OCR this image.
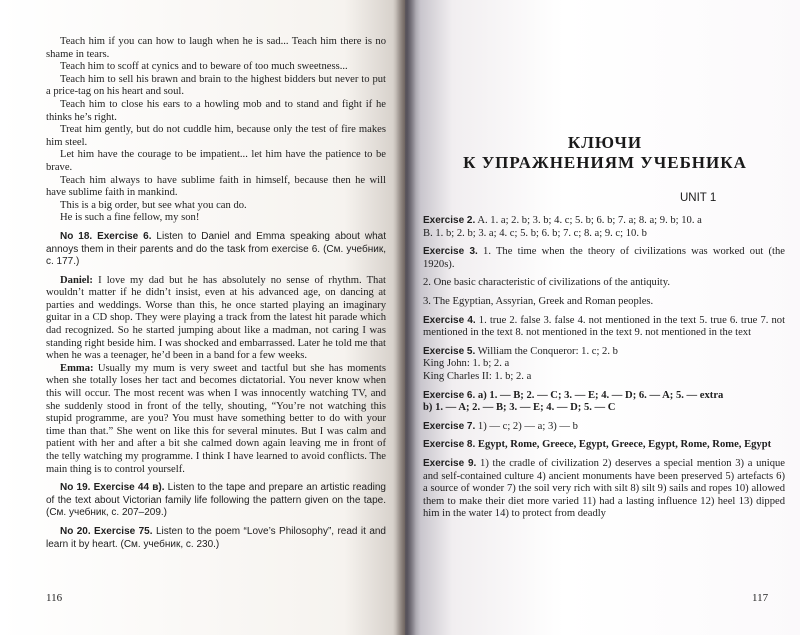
Teach him if you can how to laugh when he is sad... Teach him there is no shame in tears.

Teach him to scoff at cynics and to beware of too much sweetness...

Teach him to sell his brawn and brain to the highest bidders but never to put a price-tag on his heart and soul.

Teach him to close his ears to a howling mob and to stand and fight if he thinks he’s right.

Treat him gently, but do not cuddle him, because only the test of fire makes him steel.

Let him have the courage to be impatient... let him have the patience to be brave.

Teach him always to have sublime faith in himself, because then he will have sublime faith in mankind.

This is a big order, but see what you can do.

He is such a fine fellow, my son!

No 18. Exercise 6. Listen to Daniel and Emma speaking about what annoys them in their parents and do the task from exercise 6. (См. учебник, с. 177.)

Daniel: I love my dad but he has absolutely no sense of rhythm. That wouldn’t matter if he didn’t insist, even at his advanced age, on dancing at parties and weddings. Worse than this, he once started playing an imaginary guitar in a CD shop. They were playing a track from the latest hit parade which dad recognized. So he started jumping about like a madman, not caring I was standing right beside him. I was shocked and embarrassed. Later he told me that when he was a teenager, he’d been in a band for a few weeks.

Emma: Usually my mum is very sweet and tactful but she has moments when she totally loses her tact and becomes dictatorial. You never know when this will occur. The most recent was when I was innocently watching TV, and she suddenly stood in front of the telly, shouting, “You’re not watching this stupid programme, are you? You must have something better to do with your time than that.” She went on like this for several minutes. But I was calm and patient with her and after a bit she calmed down again leaving me in front of the telly watching my programme. I think I have learned to avoid conflicts. The main thing is to control yourself.

No 19. Exercise 44 в). Listen to the tape and prepare an artistic reading of the text about Victorian family life following the pattern given on the tape. (См. учебник, с. 207–209.)

No 20. Exercise 75. Listen to the poem “Love’s Philosophy”, read it and learn it by heart. (См. учебник, с. 230.)

116	117
КЛЮЧИ
К УПРАЖНЕНИЯМ УЧЕБНИКА
UNIT 1

Exercise 2. A. 1. a; 2. b; 3. b; 4. c; 5. b; 6. b; 7. a; 8. a; 9. b; 10. a

B. 1. b; 2. b; 3. a; 4. c; 5. b; 6. b; 7. c; 8. a; 9. c; 10. b

Exercise 3. 1. The time when the theory of civilizations was worked out (the 1920s).

2. One basic characteristic of civilizations of the antiquity.

3. The Egyptian, Assyrian, Greek and Roman peoples.

Exercise 4. 1. true 2. false 3. false 4. not mentioned in the text 5. true 6. true 7. not mentioned in the text 8. not mentioned in the text 9. not mentioned in the text

Exercise 5. William the Conqueror: 1. c; 2. b

King John: 1. b; 2. a

King Charles II: 1. b; 2. a

Exercise 6. a) 1. — B; 2. — C; 3. — E; 4. — D; 6. — A; 5. — extra

b) 1. — A; 2. — B; 3. — E; 4. — D; 5. — C

Exercise 7. 1) — c; 2) — a; 3) — b

Exercise 8. Egypt, Rome, Greece, Egypt, Greece, Egypt, Rome, Rome, Egypt

Exercise 9. 1) the cradle of civilization 2) deserves a special mention 3) a unique and self-contained culture 4) ancient monuments have been preserved 5) artefacts 6) a source of wonder 7) the soil very rich with silt 8) silt 9) sails and ropes 10) allowed them to make their diet more varied 11) had a lasting influence 12) heel 13) dipped him in the water 14) to protect from deadly
